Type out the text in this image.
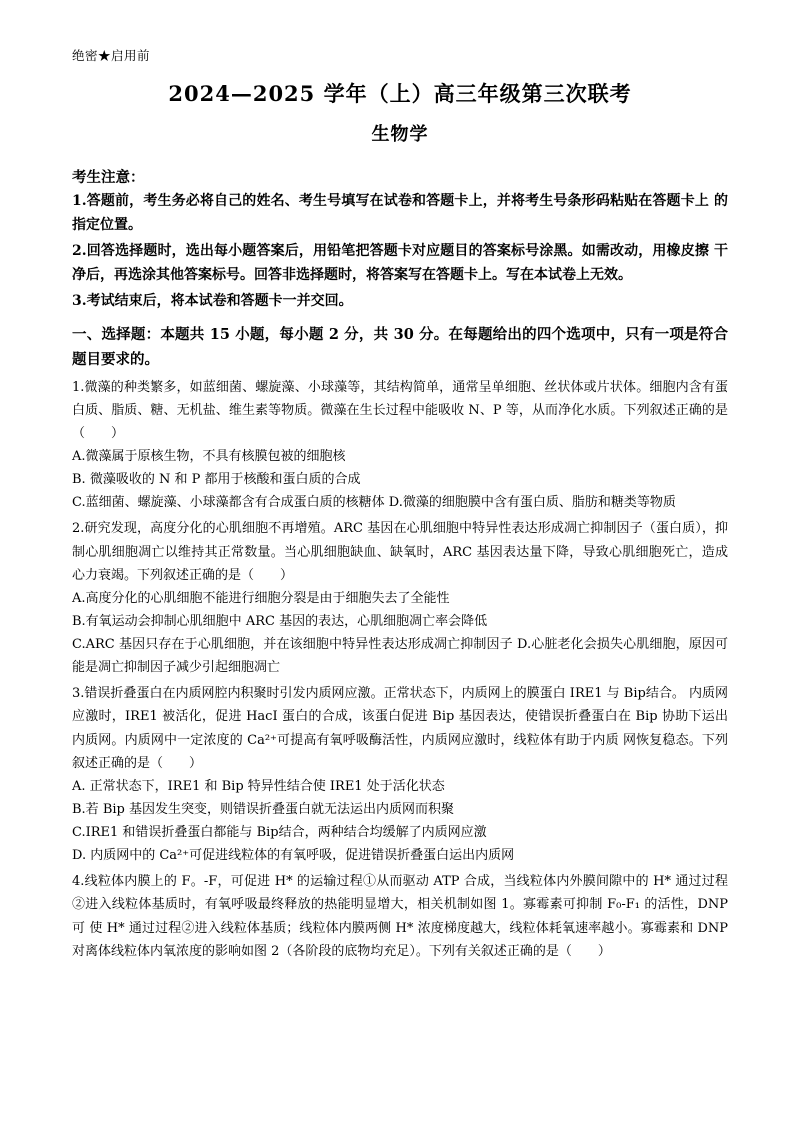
绝密★启用前
2024—2025 学年（上）高三年级第三次联考
生物学
考生注意：
1.答题前，考生务必将自己的姓名、考生号填写在试卷和答题卡上，并将考生号条形码粘贴在答题卡上 的指定位置。
2.回答选择题时，选出每小题答案后，用铅笔把答题卡对应题目的答案标号涂黑。如需改动，用橡皮擦 干净后，再选涂其他答案标号。回答非选择题时，将答案写在答题卡上。写在本试卷上无效。
3.考试结束后，将本试卷和答题卡一并交回。
一、选择题：本题共 15 小题，每小题 2 分，共 30 分。在每题给出的四个选项中，只有一项是符合题目要求的。
1.微藻的种类繁多，如蓝细菌、螺旋藻、小球藻等，其结构简单，通常呈单细胞、丝状体或片状体。细胞内含有蛋白质、脂质、糖、无机盐、维生素等物质。微藻在生长过程中能吸收 N、P 等，从而净化水质。下列叙述正确的是（　　）
A.微藻属于原核生物，不具有核膜包被的细胞核
B. 微藻吸收的 N 和 P 都用于核酸和蛋白质的合成
C.蓝细菌、螺旋藻、小球藻都含有合成蛋白质的核糖体 D.微藻的细胞膜中含有蛋白质、脂肪和糖类等物质
2.研究发现，高度分化的心肌细胞不再增殖。ARC 基因在心肌细胞中特异性表达形成凋亡抑制因子（蛋白质），抑制心肌细胞凋亡以维持其正常数量。当心肌细胞缺血、缺氧时，ARC 基因表达量下降，导致心肌细胞死亡，造成心力衰竭。下列叙述正确的是（　　）
A.高度分化的心肌细胞不能进行细胞分裂是由于细胞失去了全能性
B.有氧运动会抑制心肌细胞中 ARC 基因的表达，心肌细胞凋亡率会降低
C.ARC 基因只存在于心肌细胞，并在该细胞中特异性表达形成凋亡抑制因子 D.心脏老化会损失心肌细胞，原因可能是凋亡抑制因子减少引起细胞凋亡
3.错误折叠蛋白在内质网腔内积聚时引发内质网应激。正常状态下，内质网上的膜蛋白 IRE1 与 Bip结合。 内质网应激时，IRE1 被活化，促进 HacI 蛋白的合成，该蛋白促进 Bip 基因表达，使错误折叠蛋白在 Bip 协助下运出内质网。内质网中一定浓度的 Ca²⁺可提高有氧呼吸酶活性，内质网应激时，线粒体有助于内质 网恢复稳态。下列叙述正确的是（　　）
A. 正常状态下，IRE1 和 Bip 特异性结合使 IRE1 处于活化状态
B.若 Bip 基因发生突变，则错误折叠蛋白就无法运出内质网而积聚
C.IRE1 和错误折叠蛋白都能与 Bip结合，两种结合均缓解了内质网应激
D. 内质网中的 Ca²⁺可促进线粒体的有氧呼吸，促进错误折叠蛋白运出内质网
4.线粒体内膜上的 F。-F，可促进 H* 的运输过程①从而驱动 ATP 合成，当线粒体内外膜间隙中的 H* 通过过程②进入线粒体基质时，有氧呼吸最终释放的热能明显增大，相关机制如图 1。寡霉素可抑制 F₀-F₁ 的活性，DNP 可 使 H* 通过过程②进入线粒体基质；线粒体内膜两侧 H* 浓度梯度越大，线粒体耗氧速率越小。寡霉素和 DNP 对离体线粒体内氧浓度的影响如图 2（各阶段的底物均充足）。下列有关叙述正确的是（　　）
